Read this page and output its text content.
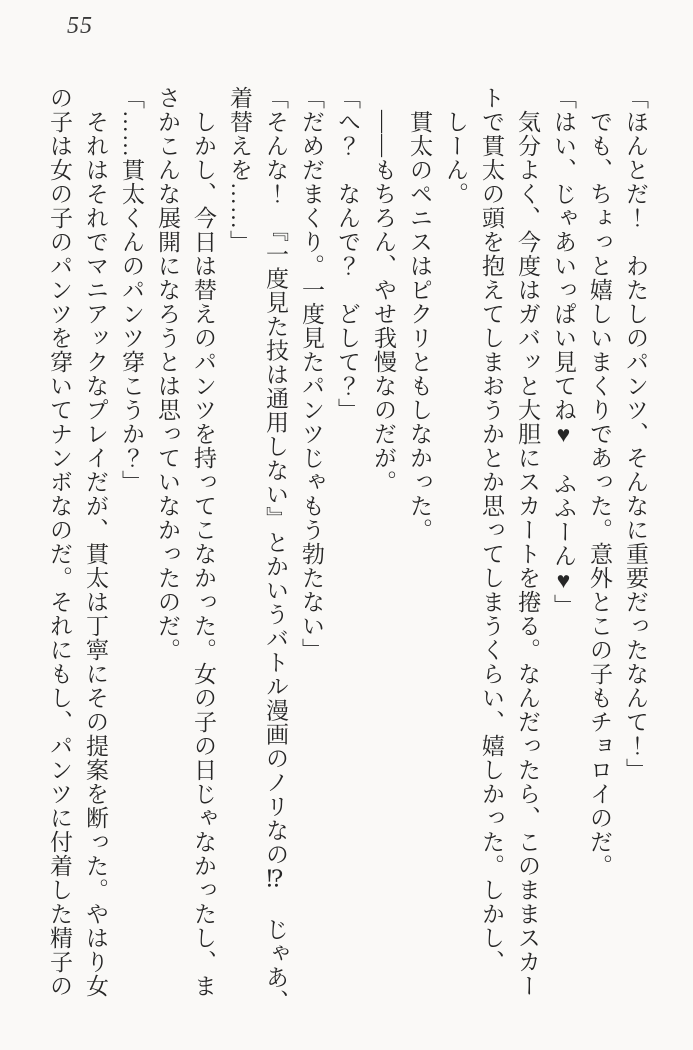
55
「ほんとだ！　わたしのパンツ、そんなに重要だったなんて！」
でも、ちょっと嬉しいまくりであった。意外とこの子もチョロイのだ。
「はい、じゃあいっぱい見てね♥　ふふーん♥」
気分よく、今度はガバッと大胆にスカートを捲る。なんだったら、このままスカー
トで貫太の頭を抱えてしまおうかとか思ってしまうくらい、嬉しかった。しかし、
しーん。
貫太のペニスはピクリともしなかった。
――もちろん、やせ我慢なのだが。
「へ？　なんで？　どして？」
「だめだまくり。一度見たパンツじゃもう勃たない」
「そんな！　『一度見た技は通用しない』とかいうバトル漫画のノリなの⁉　じゃあ、
着替えを……」
しかし、今日は替えのパンツを持ってこなかった。女の子の日じゃなかったし、ま
さかこんな展開になろうとは思っていなかったのだ。
「……貫太くんのパンツ穿こうか？」
それはそれでマニアックなプレイだが、貫太は丁寧にその提案を断った。やはり女
の子は女の子のパンツを穿いてナンボなのだ。それにもし、パンツに付着した精子の
